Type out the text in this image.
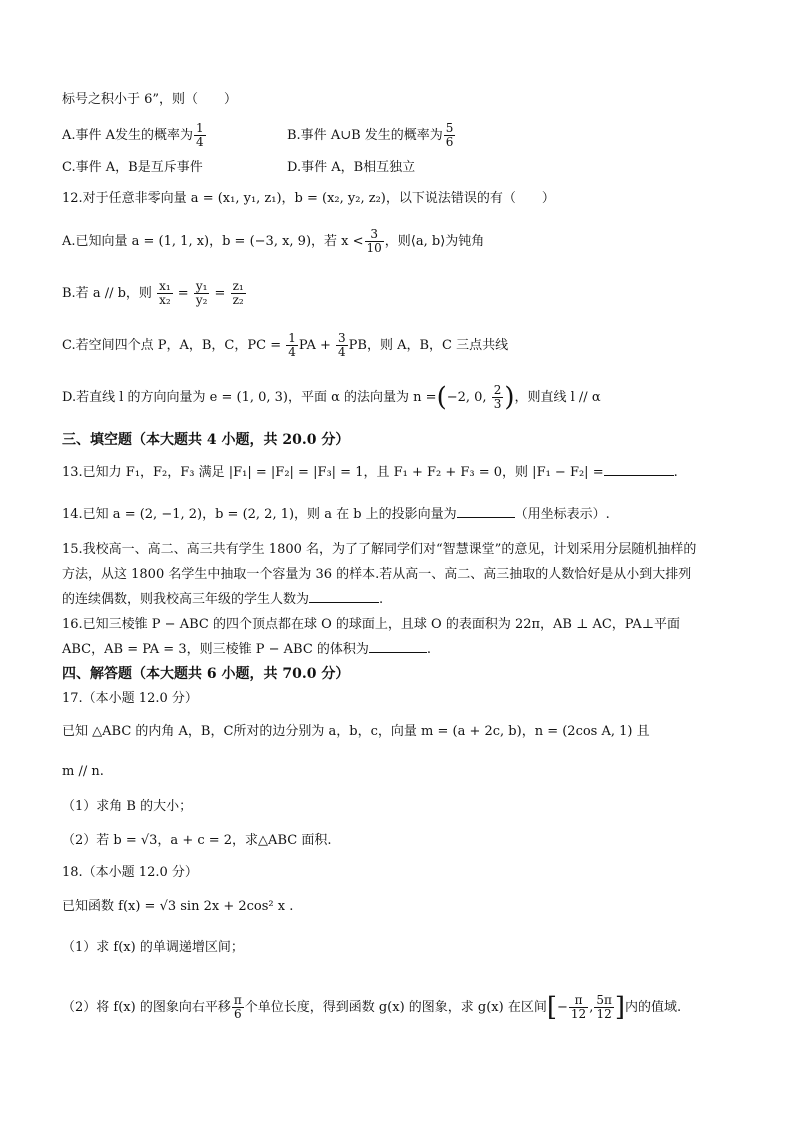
标号之积小于 6”，则（　　）
A.事件 A发生的概率为 $\frac{1}{4}$	B.事件 A∪B 发生的概率为 $\frac{5}{6}$
C.事件 A，B是互斥事件	D.事件 A，B相互独立
12.对于任意非零向量 a = (x₁, y₁, z₁)，b = (x₂, y₂, z₂)，以下说法错误的有（　　）
A.已知向量 a = (1, 1, x)，b = (−3, x, 9)，若 $x < \frac{3}{10}$ ，则⟨a, b⟩为钝角
B.若 a // b，则 $\frac{\text{x₁}}{\text{x₂}} = \frac{\text{y₁}}{\text{y₂}} = \frac{\text{z₁}}{\text{z₂}}$
C.若空间四个点 P，A，B，C，PC = $\frac{1}{4}$ PA + $\frac{3}{4}$ PB，则 A，B，C 三点共线
D.若直线 l 的方向向量为 e = (1, 0, 3)，平面 α 的法向量为 n =(−2, 0, $\frac{2}{3}$ )，则直线 l // α
三、填空题（本大题共 4 小题，共 20.0 分）
13.已知力 F₁，F₂，F₃ 满足 |F₁| = |F₂| = |F₃| = 1，且 F₁ + F₂ + F₃ = 0，则 |F₁ − F₂| =	.
14.已知 a = (2, −1, 2)，b = (2, 2, 1)，则 a 在 b 上的投影向量为	（用坐标表示）.
15.我校高一、高二、高三共有学生 1800 名，为了了解同学们对“智慧课堂”的意见，计划采用分层随机抽样的
方法，从这 1800 名学生中抽取一个容量为 36 的样本.若从高一、高二、高三抽取的人数恰好是从小到大排列
的连续偶数，则我校高三年级的学生人数为	.
16.已知三棱锥 P − ABC 的四个顶点都在球 O 的球面上，且球 O 的表面积为 22π，AB ⊥ AC，PA⊥平面
ABC，AB = PA = 3，则三棱锥 P − ABC 的体积为	.
四、解答题（本大题共 6 小题，共 70.0 分）
17.（本小题 12.0 分）
已知 △ABC 的内角 A，B，C所对的边分别为 a，b，c，向量 m = (a + 2c, b)，n = (2cos A, 1) 且
m // n.
（1）求角 B 的大小；
（2）若 b = √3，a + c = 2，求△ABC 面积.
18.（本小题 12.0 分）
已知函数 f(x) = √3 sin 2x + 2cos² x .
（1）求 f(x) 的单调递增区间；
（2）将 f(x) 的图象向右平移 $\frac{\pi}{6}$ 个单位长度，得到函数 g(x) 的图象，求 g(x) 在区间[− $\frac{\pi}{12}$ , $\frac{5\pi}{12}$ ]内的值域.
